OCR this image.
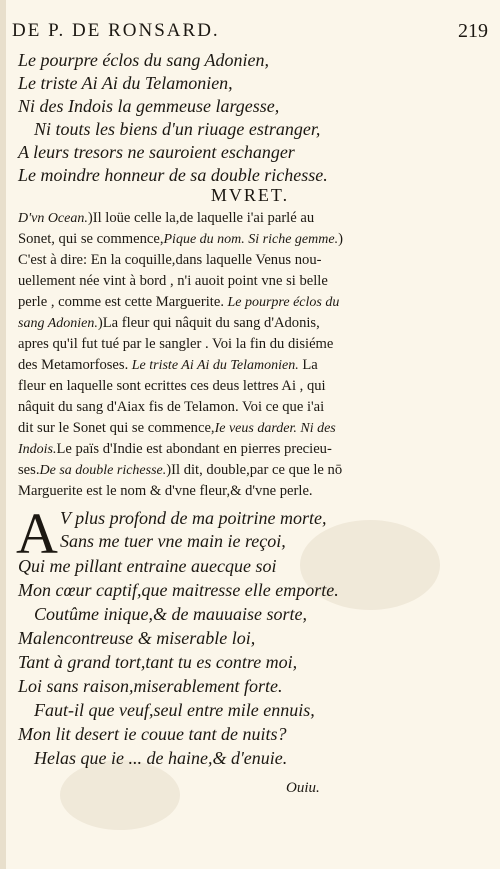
DE P. DE RONSARD.	219
Le pourpre éclos du sang Adonien,
Le triste Ai Ai du Telamonien,
Ni des Indois la gemmeuse largesse,
Ni touts les biens d'un riuage estranger,
A leurs tresors ne sauroient eschanger
Le moindre honneur de sa double richesse.
MVRET.
D'vn Ocean.)Il loüe celle la,de laquelle i'ai parlé au
Sonet, qui se commence,Pique du nom. Si riche gemme.)
C'est à dire: En la coquille,dans laquelle Venus nou-
uellement née vint à bord , n'i auoit point vne si belle
perle , comme est cette Marguerite. Le pourpre éclos du
sang Adonien.)La fleur qui nâquit du sang d'Adonis,
apres qu'il fut tué par le sangler . Voi la fin du disiéme
des Metamorfoses. Le triste Ai Ai du Telamonien. La
fleur en laquelle sont ecrittes ces deus lettres Ai , qui
nâquit du sang d'Aiax fis de Telamon. Voi ce que i'ai
dit sur le Sonet qui se commence,Ie veus darder. Ni des
Indois.Le païs d'Indie est abondant en pierres precieu-
ses.De sa double richesse.)Il dit, double,par ce que le nō
Marguerite est le nom & d'vne fleur,& d'vne perle.
A V plus profond de ma poitrine morte,
Sans me tuer vne main ie reçoi,
Qui me pillant entraine auecque soi
Mon cœur captif,que maitresse elle emporte.
Coutûme inique,& de mauuaise sorte,
Malencontreuse & miserable loi,
Tant à grand tort,tant tu es contre moi,
Loi sans raison,miserablement forte.
Faut-il que veuf,seul entre mile ennuis,
Mon lit desert ie couue tant de nuits?
Helas que ie ... de haine,& d'enuie.
Ouiu.
